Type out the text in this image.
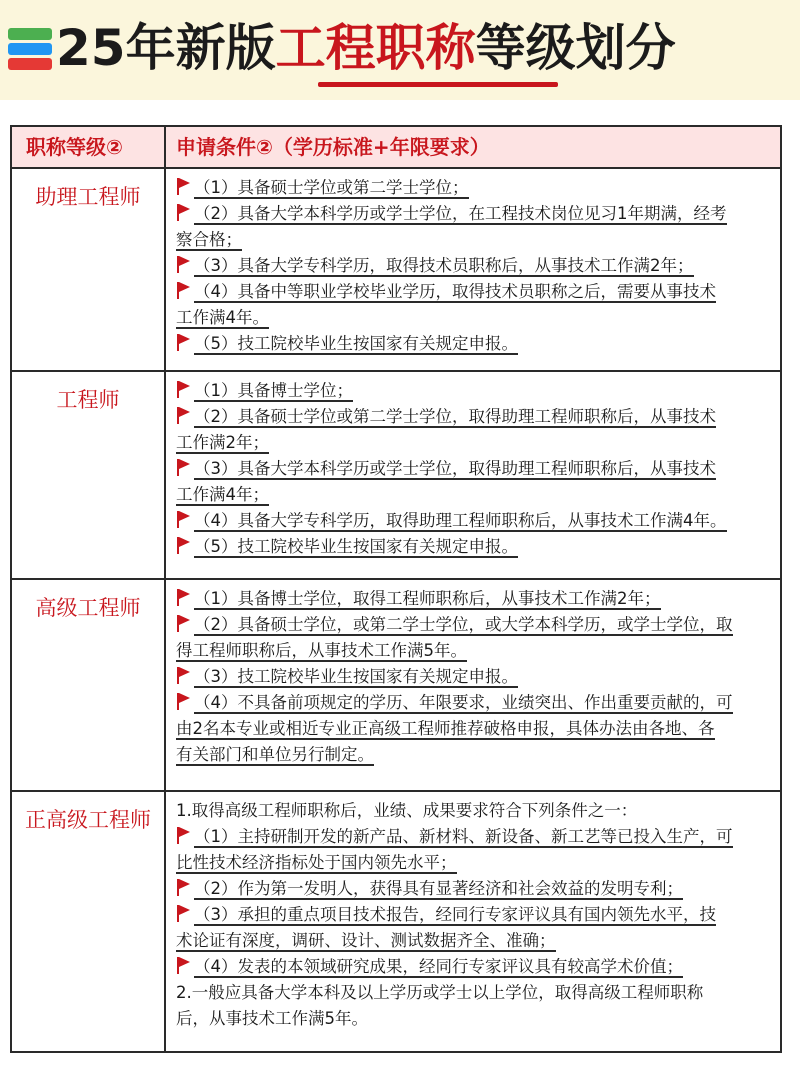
25年新版工程职称等级划分
职称等级②	申请条件②（学历标准+年限要求）
助理工程师	（1）具备硕士学位或第二学士学位；
（2）具备大学本科学历或学士学位，在工程技术岗位见习1年期满，经考
察合格；
（3）具备大学专科学历，取得技术员职称后，从事技术工作满2年；
（4）具备中等职业学校毕业学历，取得技术员职称之后，需要从事技术
工作满4年。
（5）技工院校毕业生按国家有关规定申报。
工程师	（1）具备博士学位；
（2）具备硕士学位或第二学士学位，取得助理工程师职称后，从事技术
工作满2年；
（3）具备大学本科学历或学士学位，取得助理工程师职称后，从事技术
工作满4年；
（4）具备大学专科学历，取得助理工程师职称后，从事技术工作满4年。
（5）技工院校毕业生按国家有关规定申报。
高级工程师	（1）具备博士学位，取得工程师职称后，从事技术工作满2年；
（2）具备硕士学位，或第二学士学位，或大学本科学历，或学士学位，取
得工程师职称后，从事技术工作满5年。
（3）技工院校毕业生按国家有关规定申报。
（4）不具备前项规定的学历、年限要求，业绩突出、作出重要贡献的，可
由2名本专业或相近专业正高级工程师推荐破格申报，具体办法由各地、各
有关部门和单位另行制定。
正高级工程师	1.取得高级工程师职称后，业绩、成果要求符合下列条件之一：
（1）主持研制开发的新产品、新材料、新设备、新工艺等已投入生产，可
比性技术经济指标处于国内领先水平；
（2）作为第一发明人，获得具有显著经济和社会效益的发明专利；
（3）承担的重点项目技术报告，经同行专家评议具有国内领先水平，技
术论证有深度，调研、设计、测试数据齐全、准确；
（4）发表的本领域研究成果，经同行专家评议具有较高学术价值；
2.一般应具备大学本科及以上学历或学士以上学位，取得高级工程师职称
后，从事技术工作满5年。
